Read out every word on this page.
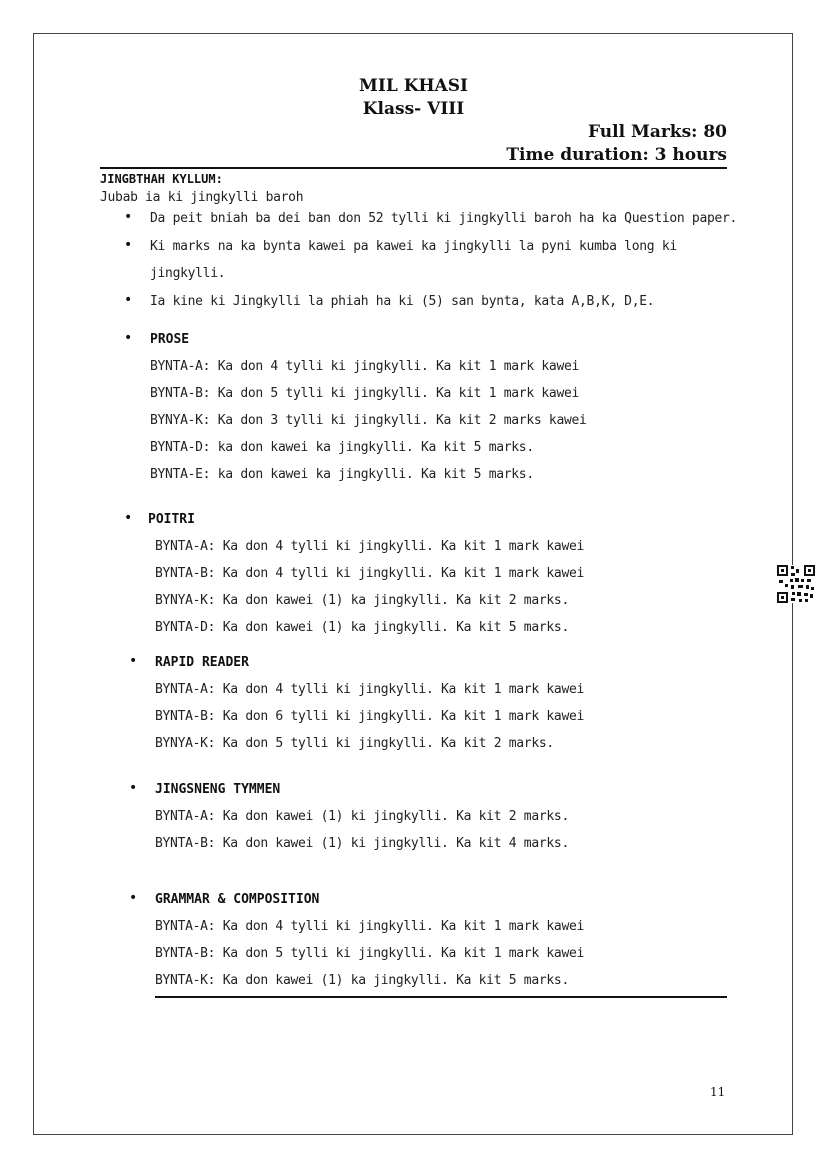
MIL KHASI
Klass- VIII
Full Marks: 80
Time duration: 3 hours
JINGBTHAH KYLLUM:
Jubab ia ki jingkylli baroh
• Da peit bniah ba dei ban don 52 tylli ki jingkylli baroh ha ka Question paper.
• Ki marks na ka bynta kawei pa kawei ka jingkylli la pyni kumba long ki
jingkylli.
• Ia kine ki Jingkylli la phiah ha ki (5) san bynta, kata A,B,K, D,E.
• PROSE
BYNTA-A: Ka don 4 tylli ki jingkylli. Ka kit 1 mark kawei
BYNTA-B: Ka don 5 tylli ki jingkylli. Ka kit 1 mark kawei
BYNYA-K: Ka don 3 tylli ki jingkylli. Ka kit 2 marks kawei
BYNTA-D: ka don kawei ka jingkylli. Ka kit 5 marks.
BYNTA-E: ka don kawei ka jingkylli. Ka kit 5 marks.
• POITRI
BYNTA-A: Ka don 4 tylli ki jingkylli. Ka kit 1 mark kawei
BYNTA-B: Ka don 4 tylli ki jingkylli. Ka kit 1 mark kawei
BYNYA-K: Ka don kawei (1) ka jingkylli. Ka kit 2 marks.
BYNTA-D: Ka don kawei (1) ka jingkylli. Ka kit 5 marks.
• RAPID READER
BYNTA-A: Ka don 4 tylli ki jingkylli. Ka kit 1 mark kawei
BYNTA-B: Ka don 6 tylli ki jingkylli. Ka kit 1 mark kawei
BYNYA-K: Ka don 5 tylli ki jingkylli. Ka kit 2 marks.
• JINGSNENG TYMMEN
BYNTA-A: Ka don kawei (1) ki jingkylli. Ka kit 2 marks.
BYNTA-B: Ka don kawei (1) ki jingkylli. Ka kit 4 marks.
• GRAMMAR & COMPOSITION
BYNTA-A: Ka don 4 tylli ki jingkylli. Ka kit 1 mark kawei
BYNTA-B: Ka don 5 tylli ki jingkylli. Ka kit 1 mark kawei
BYNTA-K: Ka don kawei (1) ka jingkylli. Ka kit 5 marks.
11
